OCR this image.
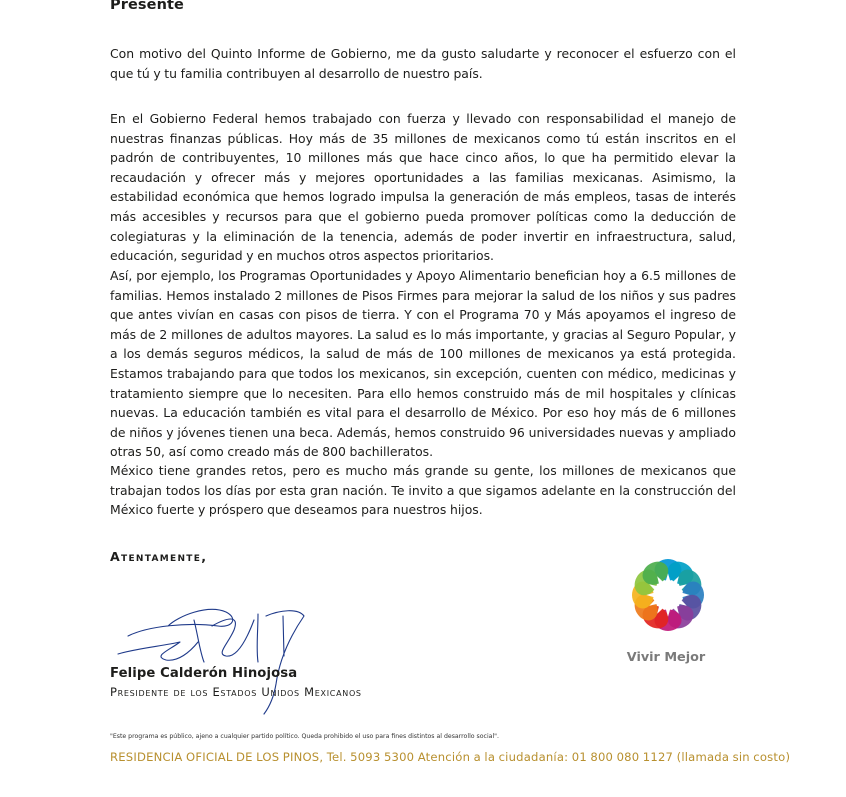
Presente

Con motivo del Quinto Informe de Gobierno, me da gusto saludarte y reconocer el esfuerzo con el que tú y tu familia contribuyen al desarrollo de nuestro país.

En el Gobierno Federal hemos trabajado con fuerza y llevado con responsabilidad el manejo de nuestras finanzas públicas. Hoy más de 35 millones de mexicanos como tú están inscritos en el padrón de contribuyentes, 10 millones más que hace cinco años, lo que ha permitido elevar la recaudación y ofrecer más y mejores oportunidades a las familias mexicanas. Asimismo, la estabilidad económica que hemos logrado impulsa la generación de más empleos, tasas de interés más accesibles y recursos para que el gobierno pueda promover políticas como la deducción de colegiaturas y la eliminación de la tenencia, además de poder invertir en infraestructura, salud, educación, seguridad y en muchos otros aspectos prioritarios.

Así, por ejemplo, los Programas Oportunidades y Apoyo Alimentario benefician hoy a 6.5 millones de familias. Hemos instalado 2 millones de Pisos Firmes para mejorar la salud de los niños y sus padres que antes vivían en casas con pisos de tierra. Y con el Programa 70 y Más apoyamos el ingreso de más de 2 millones de adultos mayores. La salud es lo más importante, y gracias al Seguro Popular, y a los demás seguros médicos, la salud de más de 100 millones de mexicanos ya está protegida. Estamos trabajando para que todos los mexicanos, sin excepción, cuenten con médico, medicinas y tratamiento siempre que lo necesiten. Para ello hemos construido más de mil hospitales y clínicas nuevas. La educación también es vital para el desarrollo de México. Por eso hoy más de 6 millones de niños y jóvenes tienen una beca. Además, hemos construido 96 universidades nuevas y ampliado otras 50, así como creado más de 800 bachilleratos.

México tiene grandes retos, pero es mucho más grande su gente, los millones de mexicanos que trabajan todos los días por esta gran nación. Te invito a que sigamos adelante en la construcción del México fuerte y próspero que deseamos para nuestros hijos.

Atentamente,
Felipe Calderón Hinojosa
Presidente de los Estados Unidos Mexicanos
Vivir Mejor
"Este programa es público, ajeno a cualquier partido político. Queda prohibido el uso para fines distintos al desarrollo social".
RESIDENCIA OFICIAL DE LOS PINOS, Tel. 5093 5300 Atención a la ciudadanía: 01 800 080 1127 (llamada sin costo)
